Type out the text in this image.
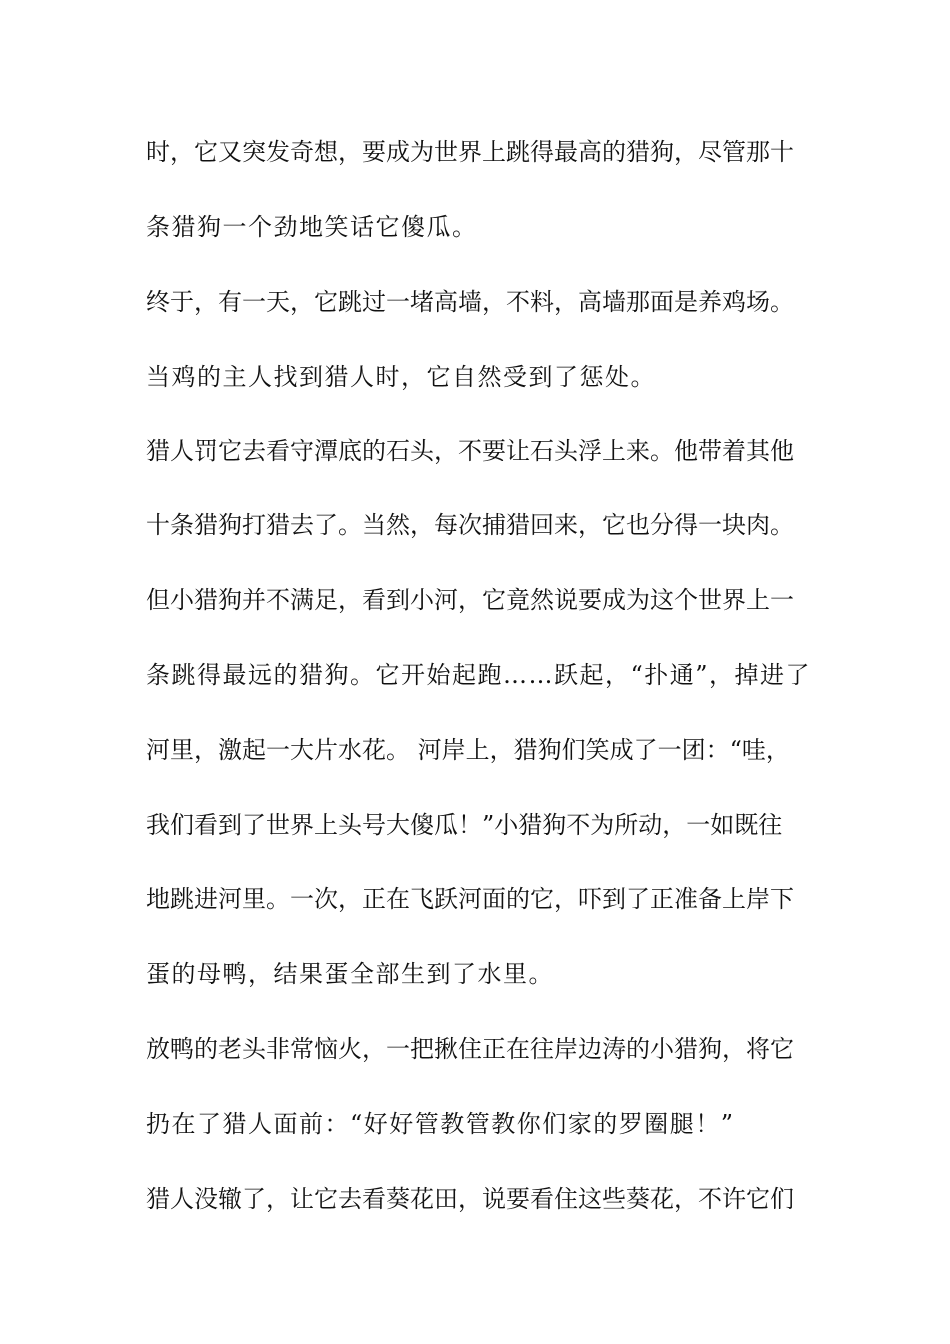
时，它又突发奇想，要成为世界上跳得最高的猎狗，尽管那十
条猎狗一个劲地笑话它傻瓜。
终于，有一天，它跳过一堵高墙，不料，高墙那面是养鸡场。
当鸡的主人找到猎人时，它自然受到了惩处。
猎人罚它去看守潭底的石头，不要让石头浮上来。他带着其他
十条猎狗打猎去了。当然，每次捕猎回来，它也分得一块肉。
但小猎狗并不满足，看到小河，它竟然说要成为这个世界上一
条跳得最远的猎狗。它开始起跑……跃起，“扑通”，掉进了
河里，激起一大片水花。 河岸上，猎狗们笑成了一团：“哇，
我们看到了世界上头号大傻瓜！”小猎狗不为所动，一如既往
地跳进河里。一次，正在飞跃河面的它，吓到了正准备上岸下
蛋的母鸭，结果蛋全部生到了水里。
放鸭的老头非常恼火，一把揪住正在往岸边涛的小猎狗，将它
扔在了猎人面前：“好好管教管教你们家的罗圈腿！”
猎人没辙了，让它去看葵花田，说要看住这些葵花，不许它们
